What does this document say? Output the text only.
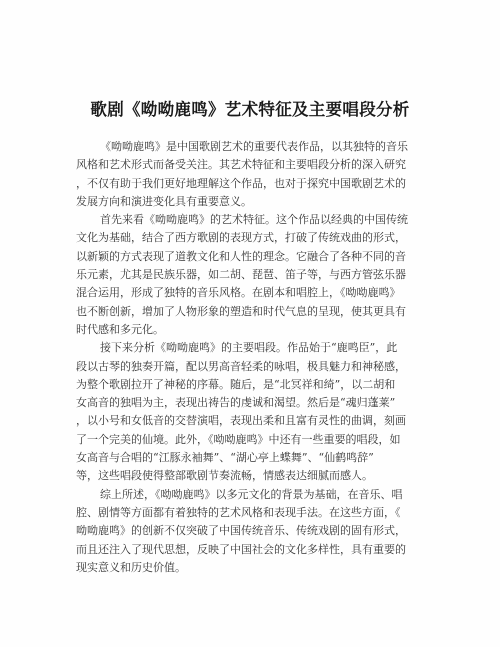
歌剧《呦呦鹿鸣》艺术特征及主要唱段分析
《呦呦鹿鸣》是中国歌剧艺术的重要代表作品，以其独特的音乐
风格和艺术形式而备受关注。其艺术特征和主要唱段分析的深入研究
，不仅有助于我们更好地理解这个作品，也对于探究中国歌剧艺术的
发展方向和演进变化具有重要意义。
首先来看《呦呦鹿鸣》的艺术特征。这个作品以经典的中国传统
文化为基础，结合了西方歌剧的表现方式，打破了传统戏曲的形式，
以新颖的方式表现了道教文化和人性的理念。它融合了各种不同的音
乐元素，尤其是民族乐器，如二胡、琵琶、笛子等，与西方管弦乐器
混合运用，形成了独特的音乐风格。在剧本和唱腔上，《呦呦鹿鸣》
也不断创新，增加了人物形象的塑造和时代气息的呈现，使其更具有
时代感和多元化。
接下来分析《呦呦鹿鸣》的主要唱段。作品始于“鹿鸣臣”，此
段以古琴的独奏开篇，配以男高音轻柔的咏唱，极具魅力和神秘感，
为整个歌剧拉开了神秘的序幕。随后，是“北冥祥和绮”，以二胡和
女高音的独唱为主，表现出祷告的虔诚和渴望。然后是“魂归蓬莱”
，以小号和女低音的交替演唱，表现出柔和且富有灵性的曲调，刻画
了一个完美的仙境。此外，《呦呦鹿鸣》中还有一些重要的唱段，如
女高音与合唱的“江豚永袖舞”、“湖心亭上蝶舞”、“仙鹤鸣辞”
等，这些唱段使得整部歌剧节奏流畅，情感表达细腻而感人。
综上所述，《呦呦鹿鸣》以多元文化的背景为基础，在音乐、唱
腔、剧情等方面都有着独特的艺术风格和表现手法。在这些方面，《
呦呦鹿鸣》的创新不仅突破了中国传统音乐、传统戏剧的固有形式，
而且还注入了现代思想，反映了中国社会的文化多样性，具有重要的
现实意义和历史价值。
